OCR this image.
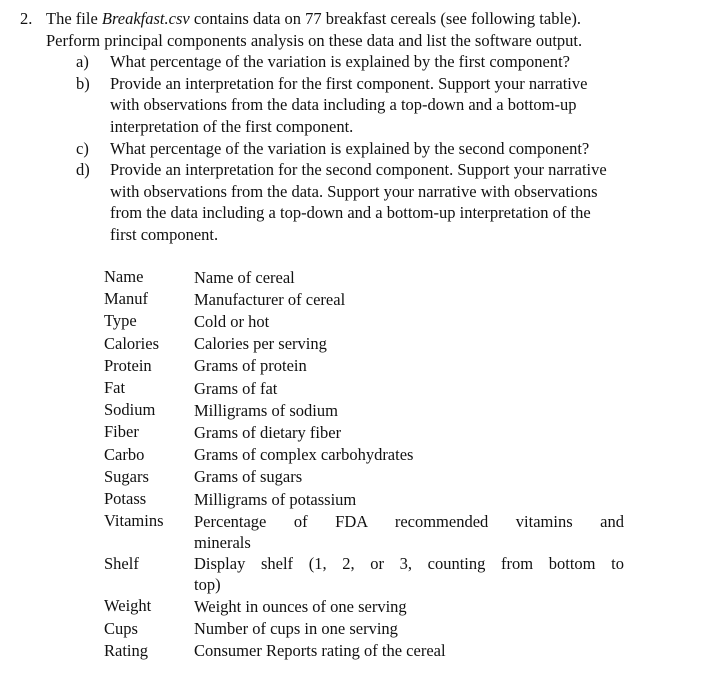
2. The file Breakfast.csv contains data on 77 breakfast cereals (see following table).
Perform principal components analysis on these data and list the software output.
a)	What percentage of the variation is explained by the first component?
b)	Provide an interpretation for the first component. Support your narrative
with observations from the data including a top-down and a bottom-up
interpretation of the first component.
c)	What percentage of the variation is explained by the second component?
d)	Provide an interpretation for the second component. Support your narrative
with observations from the data. Support your narrative with observations
from the data including a top-down and a bottom-up interpretation of the
first component.
Name	Name of cereal
Manuf	Manufacturer of cereal
Type	Cold or hot
Calories	Calories per serving
Protein	Grams of protein
Fat	Grams of fat
Sodium	Milligrams of sodium
Fiber	Grams of dietary fiber
Carbo	Grams of complex carbohydrates
Sugars	Grams of sugars
Potass	Milligrams of potassium
Vitamins	Percentage of FDA recommended vitamins and
minerals
Shelf	Display shelf (1, 2, or 3, counting from bottom to
top)
Weight	Weight in ounces of one serving
Cups	Number of cups in one serving
Rating	Consumer Reports rating of the cereal
